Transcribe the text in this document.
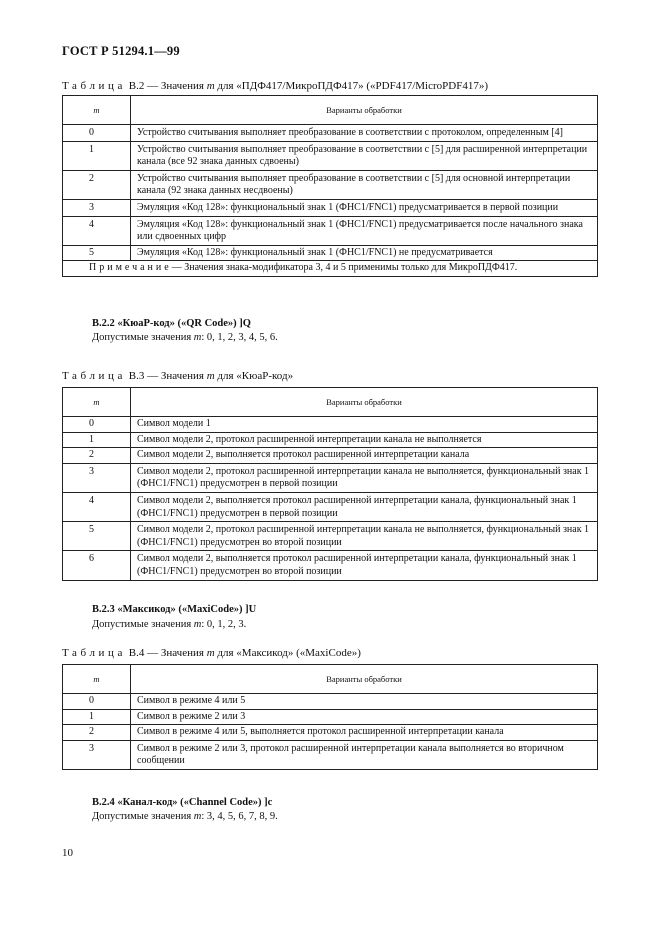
ГОСТ Р 51294.1—99
Таблица В.2 — Значения m для «ПДФ417/МикроПДФ417» («PDF417/MicroPDF417»)
m	Варианты обработки
0	Устройство считывания выполняет преобразование в соответствии с протоколом, определенным [4]
1	Устройство считывания выполняет преобразование в соответствии с [5] для расширенной интерпретации канала (все 92 знака данных сдвоены)
2	Устройство считывания выполняет преобразование в соответствии с [5] для основной интерпретации канала (92 знака данных несдвоены)
3	Эмуляция «Код 128»: функциональный знак 1 (ФНС1/FNC1) предусматривается в первой позиции
4	Эмуляция «Код 128»: функциональный знак 1 (ФНС1/FNC1) предусматривается после начального знака или сдвоенных цифр
5	Эмуляция «Код 128»: функциональный знак 1 (ФНС1/FNC1) не предусматривается
Примечание— Значения знака-модификатора 3, 4 и 5 применимы только для МикроПДФ417.	
В.2.2 «КюаР-код» («QR Code») ]Q
Допустимые значения m: 0, 1, 2, 3, 4, 5, 6.
Таблица В.3 — Значения m для «КюаР-код»
m	Варианты обработки
0	Символ модели 1
1	Символ модели 2, протокол расширенной интерпретации канала не выполняется
2	Символ модели 2, выполняется протокол расширенной интерпретации канала
3	Символ модели 2, протокол расширенной интерпретации канала не выполняется, функциональный знак 1 (ФНС1/FNC1) предусмотрен в первой позиции
4	Символ модели 2, выполняется протокол расширенной интерпретации канала, функциональный знак 1 (ФНС1/FNC1) предусмотрен в первой позиции
5	Символ модели 2, протокол расширенной интерпретации канала не выполняется, функциональный знак 1 (ФНС1/FNC1) предусмотрен во второй позиции
6	Символ модели 2, выполняется протокол расширенной интерпретации канала, функциональный знак 1 (ФНС1/FNC1) предусмотрен во второй позиции
В.2.3 «Максикод» («MaxiCode») ]U
Допустимые значения m: 0, 1, 2, 3.
Таблица В.4 — Значения m для «Максикод» («MaxiCode»)
m	Варианты обработки
0	Символ в режиме 4 или 5
1	Символ в режиме 2 или 3
2	Символ в режиме 4 или 5, выполняется протокол расширенной интерпретации канала
3	Символ в режиме 2 или 3, протокол расширенной интерпретации канала выполняется во вторичном сообщении
В.2.4 «Канал-код» («Channel Code») ]c
Допустимые значения m: 3, 4, 5, 6, 7, 8, 9.
10
